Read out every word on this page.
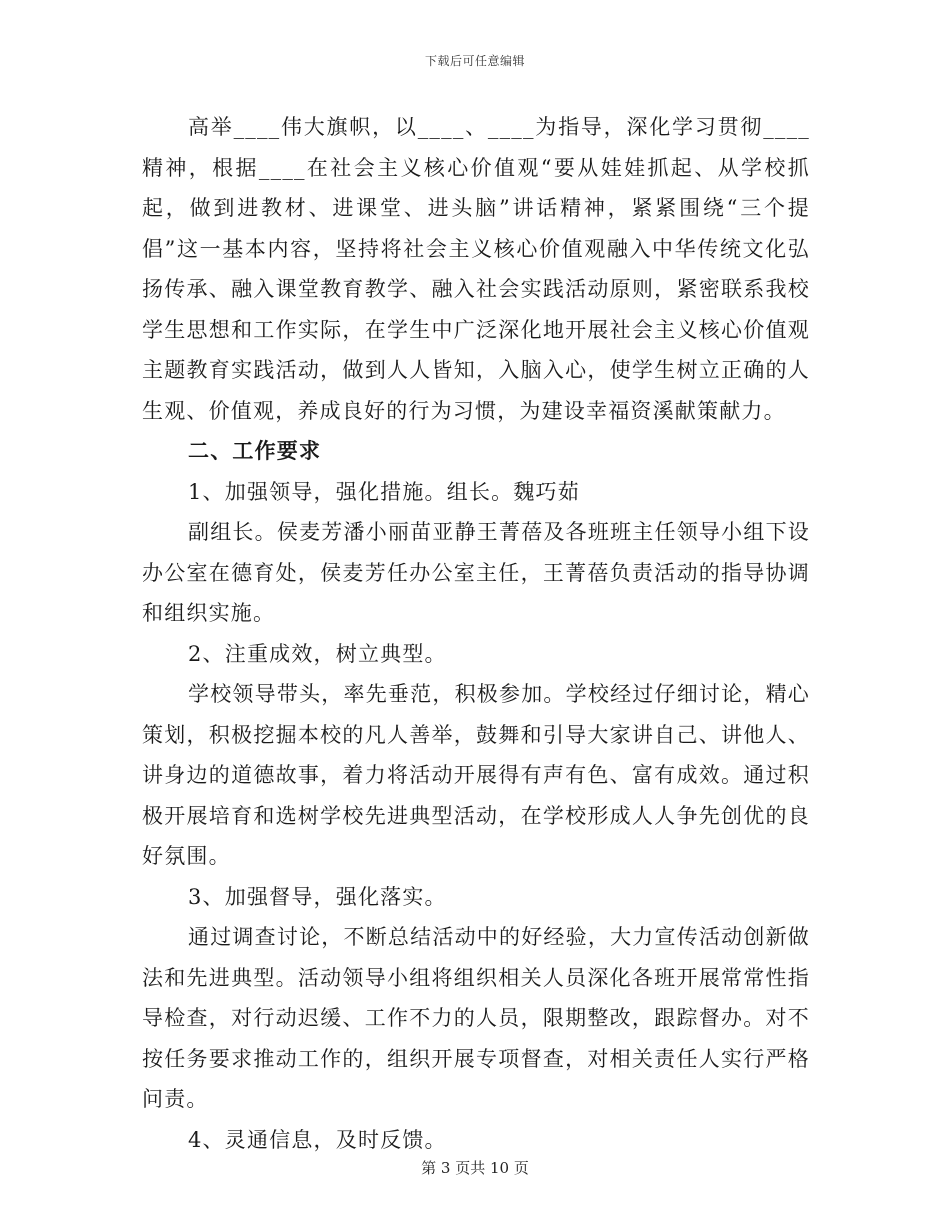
下载后可任意编辑

高举____伟大旗帜，以____、____为指导，深化学习贯彻____精神，根据____在社会主义核心价值观“要从娃娃抓起、从学校抓起，做到进教材、进课堂、进头脑”讲话精神，紧紧围绕“三个提倡”这一基本内容，坚持将社会主义核心价值观融入中华传统文化弘扬传承、融入课堂教育教学、融入社会实践活动原则，紧密联系我校学生思想和工作实际，在学生中广泛深化地开展社会主义核心价值观主题教育实践活动，做到人人皆知，入脑入心，使学生树立正确的人生观、价值观，养成良好的行为习惯，为建设幸福资溪献策献力。

二、工作要求

1、加强领导，强化措施。组长。魏巧茹

副组长。侯麦芳潘小丽苗亚静王菁蓓及各班班主任领导小组下设办公室在德育处，侯麦芳任办公室主任，王菁蓓负责活动的指导协调和组织实施。

2、注重成效，树立典型。

学校领导带头，率先垂范，积极参加。学校经过仔细讨论，精心策划，积极挖掘本校的凡人善举，鼓舞和引导大家讲自己、讲他人、讲身边的道德故事，着力将活动开展得有声有色、富有成效。通过积极开展培育和选树学校先进典型活动，在学校形成人人争先创优的良好氛围。

3、加强督导，强化落实。

通过调查讨论，不断总结活动中的好经验，大力宣传活动创新做法和先进典型。活动领导小组将组织相关人员深化各班开展常常性指导检查，对行动迟缓、工作不力的人员，限期整改，跟踪督办。对不按任务要求推动工作的，组织开展专项督查，对相关责任人实行严格问责。

4、灵通信息，及时反馈。

第 3 页共 10 页
